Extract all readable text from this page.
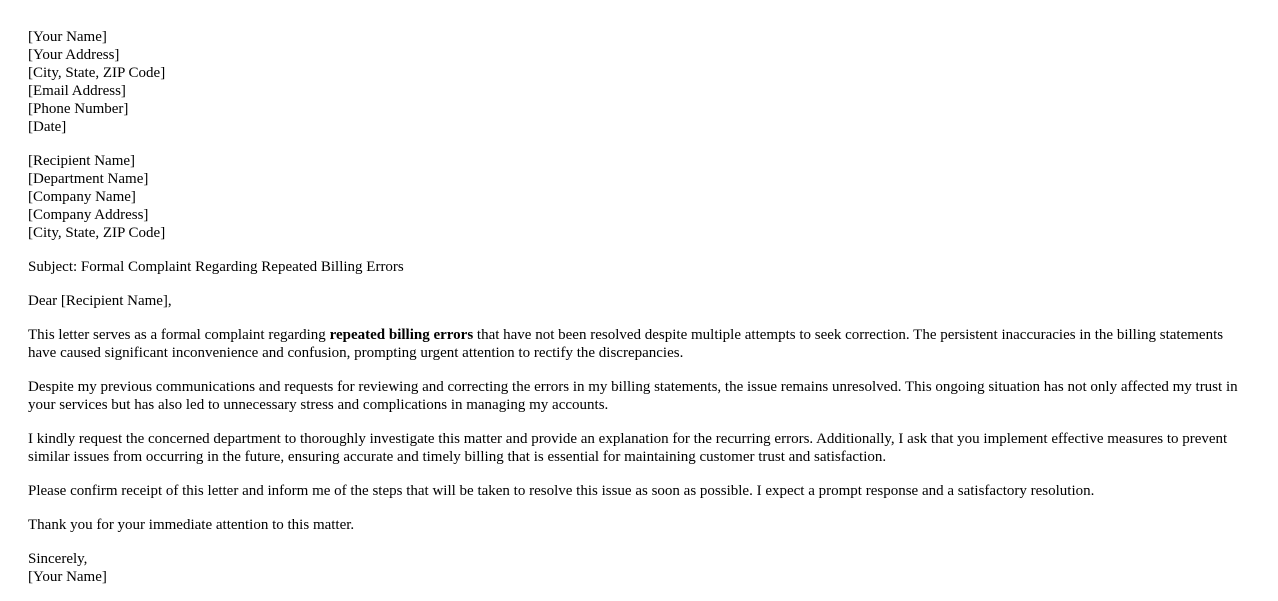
[Your Name]
[Your Address]
[City, State, ZIP Code]
[Email Address]
[Phone Number]
[Date]
[Recipient Name]
[Department Name]
[Company Name]
[Company Address]
[City, State, ZIP Code]

Subject: Formal Complaint Regarding Repeated Billing Errors

Dear [Recipient Name],

This letter serves as a formal complaint regarding repeated billing errors that have not been resolved despite multiple attempts to seek correction. The persistent inaccuracies in the billing statements have caused significant inconvenience and confusion, prompting urgent attention to rectify the discrepancies.

Despite my previous communications and requests for reviewing and correcting the errors in my billing statements, the issue remains unresolved. This ongoing situation has not only affected my trust in your services but has also led to unnecessary stress and complications in managing my accounts.

I kindly request the concerned department to thoroughly investigate this matter and provide an explanation for the recurring errors. Additionally, I ask that you implement effective measures to prevent similar issues from occurring in the future, ensuring accurate and timely billing that is essential for maintaining customer trust and satisfaction.

Please confirm receipt of this letter and inform me of the steps that will be taken to resolve this issue as soon as possible. I expect a prompt response and a satisfactory resolution.

Thank you for your immediate attention to this matter.

Sincerely,
[Your Name]
